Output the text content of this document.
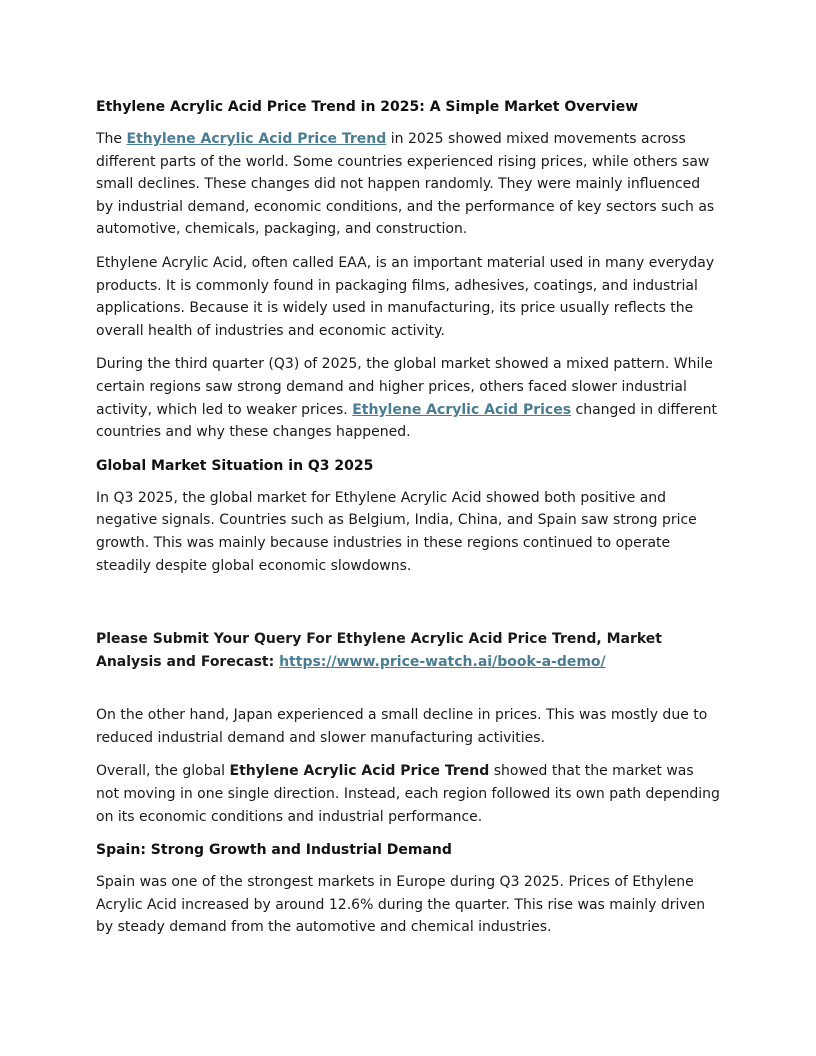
Ethylene Acrylic Acid Price Trend in 2025: A Simple Market Overview

The Ethylene Acrylic Acid Price Trend in 2025 showed mixed movements across different parts of the world. Some countries experienced rising prices, while others saw small declines. These changes did not happen randomly. They were mainly influenced by industrial demand, economic conditions, and the performance of key sectors such as automotive, chemicals, packaging, and construction.

Ethylene Acrylic Acid, often called EAA, is an important material used in many everyday products. It is commonly found in packaging films, adhesives, coatings, and industrial applications. Because it is widely used in manufacturing, its price usually reflects the overall health of industries and economic activity.

During the third quarter (Q3) of 2025, the global market showed a mixed pattern. While certain regions saw strong demand and higher prices, others faced slower industrial activity, which led to weaker prices. Ethylene Acrylic Acid Prices changed in different countries and why these changes happened.

Global Market Situation in Q3 2025

In Q3 2025, the global market for Ethylene Acrylic Acid showed both positive and negative signals. Countries such as Belgium, India, China, and Spain saw strong price growth. This was mainly because industries in these regions continued to operate steadily despite global economic slowdowns.

Please Submit Your Query For Ethylene Acrylic Acid Price Trend, Market Analysis and Forecast: https://www.price-watch.ai/book-a-demo/

On the other hand, Japan experienced a small decline in prices. This was mostly due to reduced industrial demand and slower manufacturing activities.

Overall, the global Ethylene Acrylic Acid Price Trend showed that the market was not moving in one single direction. Instead, each region followed its own path depending on its economic conditions and industrial performance.

Spain: Strong Growth and Industrial Demand

Spain was one of the strongest markets in Europe during Q3 2025. Prices of Ethylene Acrylic Acid increased by around 12.6% during the quarter. This rise was mainly driven by steady demand from the automotive and chemical industries.
